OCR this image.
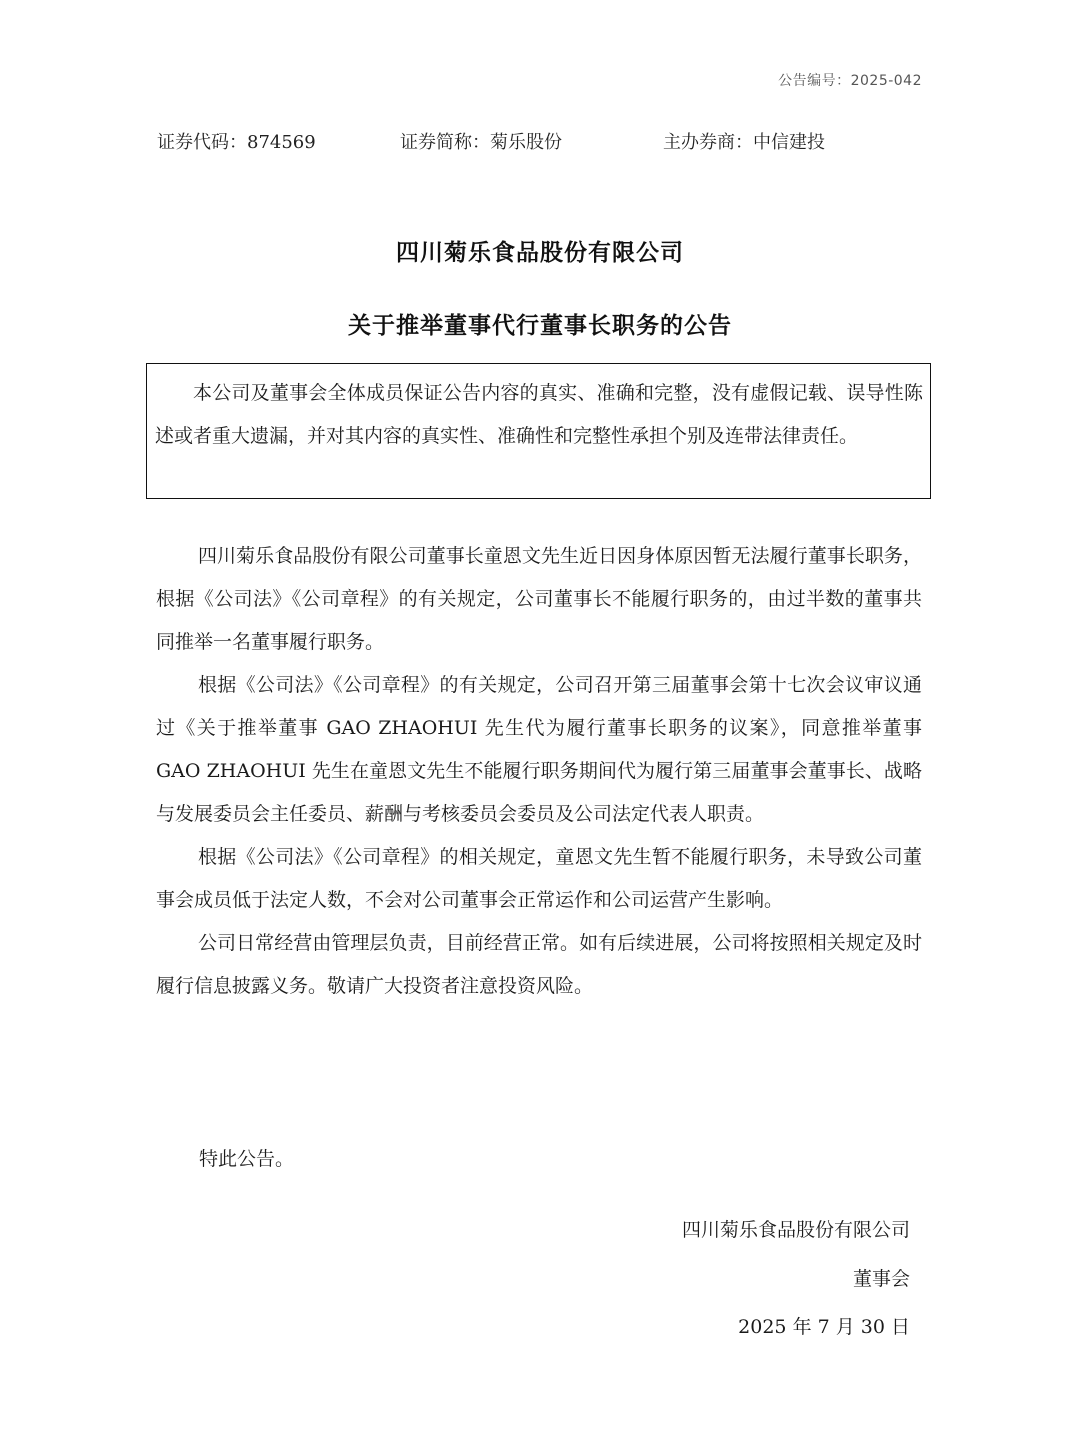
公告编号：2025-042
证券代码：874569	证券简称：菊乐股份	主办券商：中信建投
四川菊乐食品股份有限公司
关于推举董事代行董事长职务的公告

本公司及董事会全体成员保证公告内容的真实、准确和完整，没有虚假记载、误导性陈述或者重大遗漏，并对其内容的真实性、准确性和完整性承担个别及连带法律责任。

四川菊乐食品股份有限公司董事长童恩文先生近日因身体原因暂无法履行董事长职务，根据《公司法》《公司章程》的有关规定，公司董事长不能履行职务的，由过半数的董事共同推举一名董事履行职务。

根据《公司法》《公司章程》的有关规定，公司召开第三届董事会第十七次会议审议通过《关于推举董事 GAO ZHAOHUI 先生代为履行董事长职务的议案》，同意推举董事 GAO ZHAOHUI 先生在童恩文先生不能履行职务期间代为履行第三届董事会董事长、战略与发展委员会主任委员、薪酬与考核委员会委员及公司法定代表人职责。

根据《公司法》《公司章程》的相关规定，童恩文先生暂不能履行职务，未导致公司董事会成员低于法定人数，不会对公司董事会正常运作和公司运营产生影响。

公司日常经营由管理层负责，目前经营正常。如有后续进展，公司将按照相关规定及时履行信息披露义务。敬请广大投资者注意投资风险。

特此公告。
四川菊乐食品股份有限公司
董事会
2025 年 7 月 30 日
